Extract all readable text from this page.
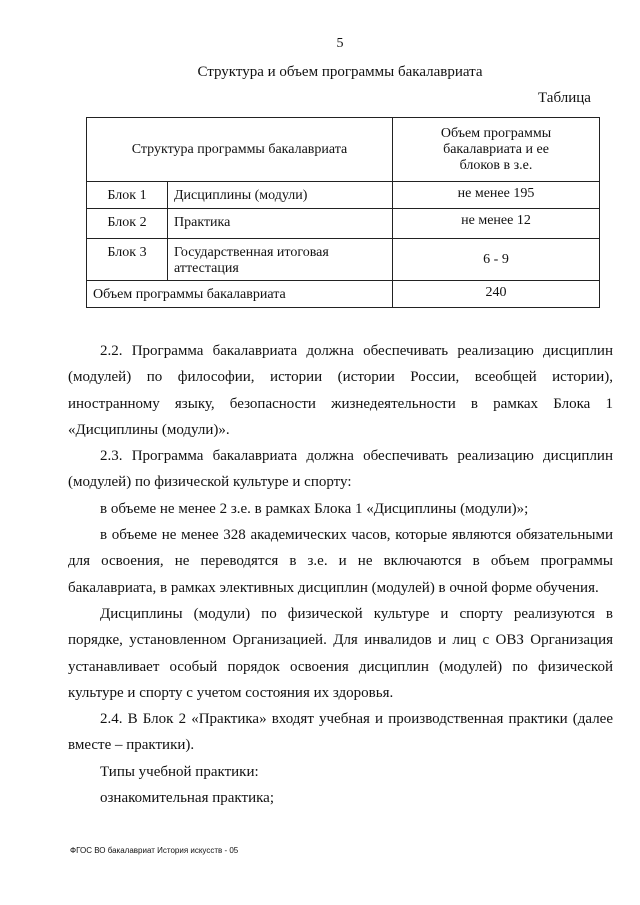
5
Структура и объем программы бакалавриата
Таблица
Структура программы бакалавриата		Объем программы бакалавриата и ее блоков в з.е.
Блок 1	Дисциплины (модули)	не менее 195
Блок 2	Практика	не менее 12
Блок 3	Государственная итоговая аттестация	6 - 9
Объем программы бакалавриата		240

2.2. Программа бакалавриата должна обеспечивать реализацию дисциплин (модулей) по философии, истории (истории России, всеобщей истории), иностранному языку, безопасности жизнедеятельности в рамках Блока 1 «Дисциплины (модули)».

2.3. Программа бакалавриата должна обеспечивать реализацию дисциплин (модулей) по физической культуре и спорту:

в объеме не менее 2 з.е. в рамках Блока 1 «Дисциплины (модули)»;

в объеме не менее 328 академических часов, которые являются обязательными для освоения, не переводятся в з.е. и не включаются в объем программы бакалавриата, в рамках элективных дисциплин (модулей) в очной форме обучения.

Дисциплины (модули) по физической культуре и спорту реализуются в порядке, установленном Организацией. Для инвалидов и лиц с ОВЗ Организация устанавливает особый порядок освоения дисциплин (модулей) по физической культуре и спорту с учетом состояния их здоровья.

2.4. В Блок 2 «Практика» входят учебная и производственная практики (далее вместе – практики).

Типы учебной практики:

ознакомительная практика;

ФГОС ВО бакалавриат История искусств - 05
